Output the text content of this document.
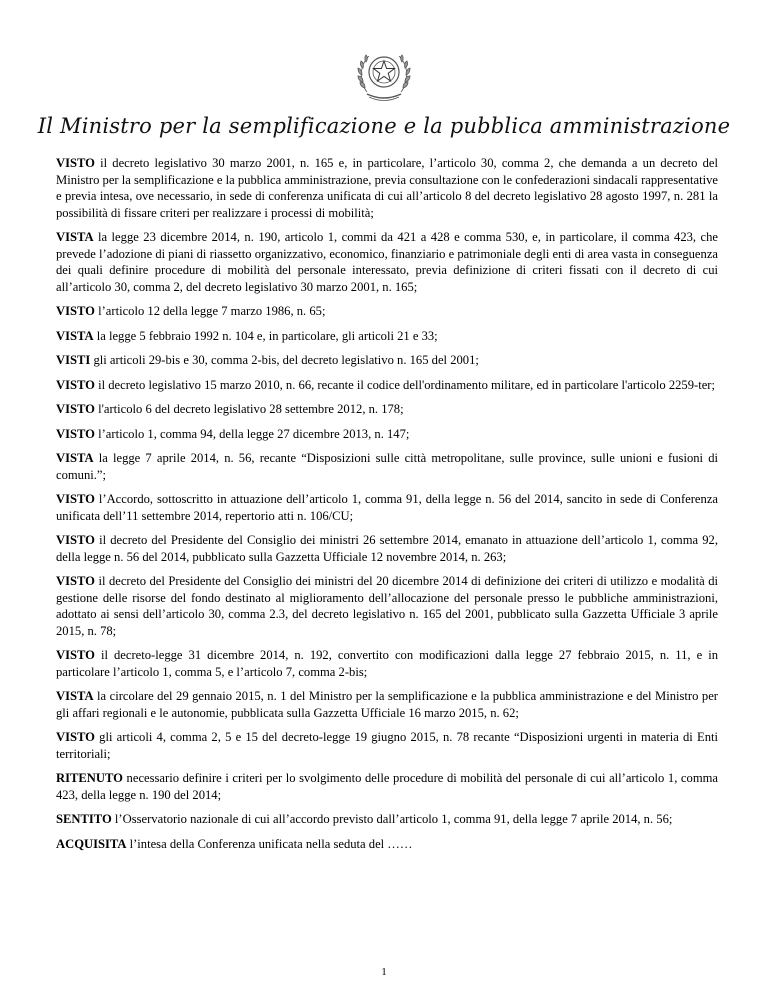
Il Ministro per la semplificazione e la pubblica amministrazione

VISTO il decreto legislativo 30 marzo 2001, n. 165 e, in particolare, l’articolo 30, comma 2, che demanda a un decreto del Ministro per la semplificazione e la pubblica amministrazione, previa consultazione con le confederazioni sindacali rappresentative e previa intesa, ove necessario, in sede di conferenza unificata di cui all’articolo 8 del decreto legislativo 28 agosto 1997, n. 281 la possibilità di fissare criteri per realizzare i processi di mobilità;

VISTA la legge 23 dicembre 2014, n. 190, articolo 1, commi da 421 a 428 e comma 530, e, in particolare, il comma 423, che prevede l’adozione di piani di riassetto organizzativo, economico, finanziario e patrimoniale degli enti di area vasta in conseguenza dei quali definire procedure di mobilità del personale interessato, previa definizione di criteri fissati con il decreto di cui all’articolo 30, comma 2, del decreto legislativo 30 marzo 2001, n. 165;

VISTO l’articolo 12 della legge 7 marzo 1986, n. 65;

VISTA la legge 5 febbraio 1992 n. 104 e, in particolare, gli articoli 21 e 33;

VISTI gli articoli 29-bis e 30, comma 2-bis, del decreto legislativo n. 165 del 2001;

VISTO il decreto legislativo 15 marzo 2010, n. 66, recante il codice dell'ordinamento militare, ed in particolare l'articolo 2259-ter;

VISTO l'articolo 6 del decreto legislativo 28 settembre 2012, n. 178;

VISTO l’articolo 1, comma 94, della legge 27 dicembre 2013, n. 147;

VISTA la legge 7 aprile 2014, n. 56, recante “Disposizioni sulle città metropolitane, sulle province, sulle unioni e fusioni di comuni.”;

VISTO l’Accordo, sottoscritto in attuazione dell’articolo 1, comma 91, della legge n. 56 del 2014, sancito in sede di Conferenza unificata dell’11 settembre 2014, repertorio atti n. 106/CU;

VISTO il decreto del Presidente del Consiglio dei ministri 26 settembre 2014, emanato in attuazione dell’articolo 1, comma 92, della legge n. 56 del 2014, pubblicato sulla Gazzetta Ufficiale 12 novembre 2014, n. 263;

VISTO il decreto del Presidente del Consiglio dei ministri del 20 dicembre 2014 di definizione dei criteri di utilizzo e modalità di gestione delle risorse del fondo destinato al miglioramento dell’allocazione del personale presso le pubbliche amministrazioni, adottato ai sensi dell’articolo 30, comma 2.3, del decreto legislativo n. 165 del 2001, pubblicato sulla Gazzetta Ufficiale 3 aprile 2015, n. 78;

VISTO il decreto-legge 31 dicembre 2014, n. 192, convertito con modificazioni dalla legge 27 febbraio 2015, n. 11, e in particolare l’articolo 1, comma 5, e l’articolo 7, comma 2-bis;

VISTA la circolare del 29 gennaio 2015, n. 1 del Ministro per la semplificazione e la pubblica amministrazione e del Ministro per gli affari regionali e le autonomie, pubblicata sulla Gazzetta Ufficiale 16 marzo 2015, n. 62;

VISTO gli articoli 4, comma 2, 5 e 15 del decreto-legge 19 giugno 2015, n. 78 recante “Disposizioni urgenti in materia di Enti territoriali;

RITENUTO necessario definire i criteri per lo svolgimento delle procedure di mobilità del personale di cui all’articolo 1, comma 423, della legge n. 190 del 2014;

SENTITO l’Osservatorio nazionale di cui all’accordo previsto dall’articolo 1, comma 91, della legge 7 aprile 2014, n. 56;

ACQUISITA l’intesa della Conferenza unificata nella seduta del ……

1
